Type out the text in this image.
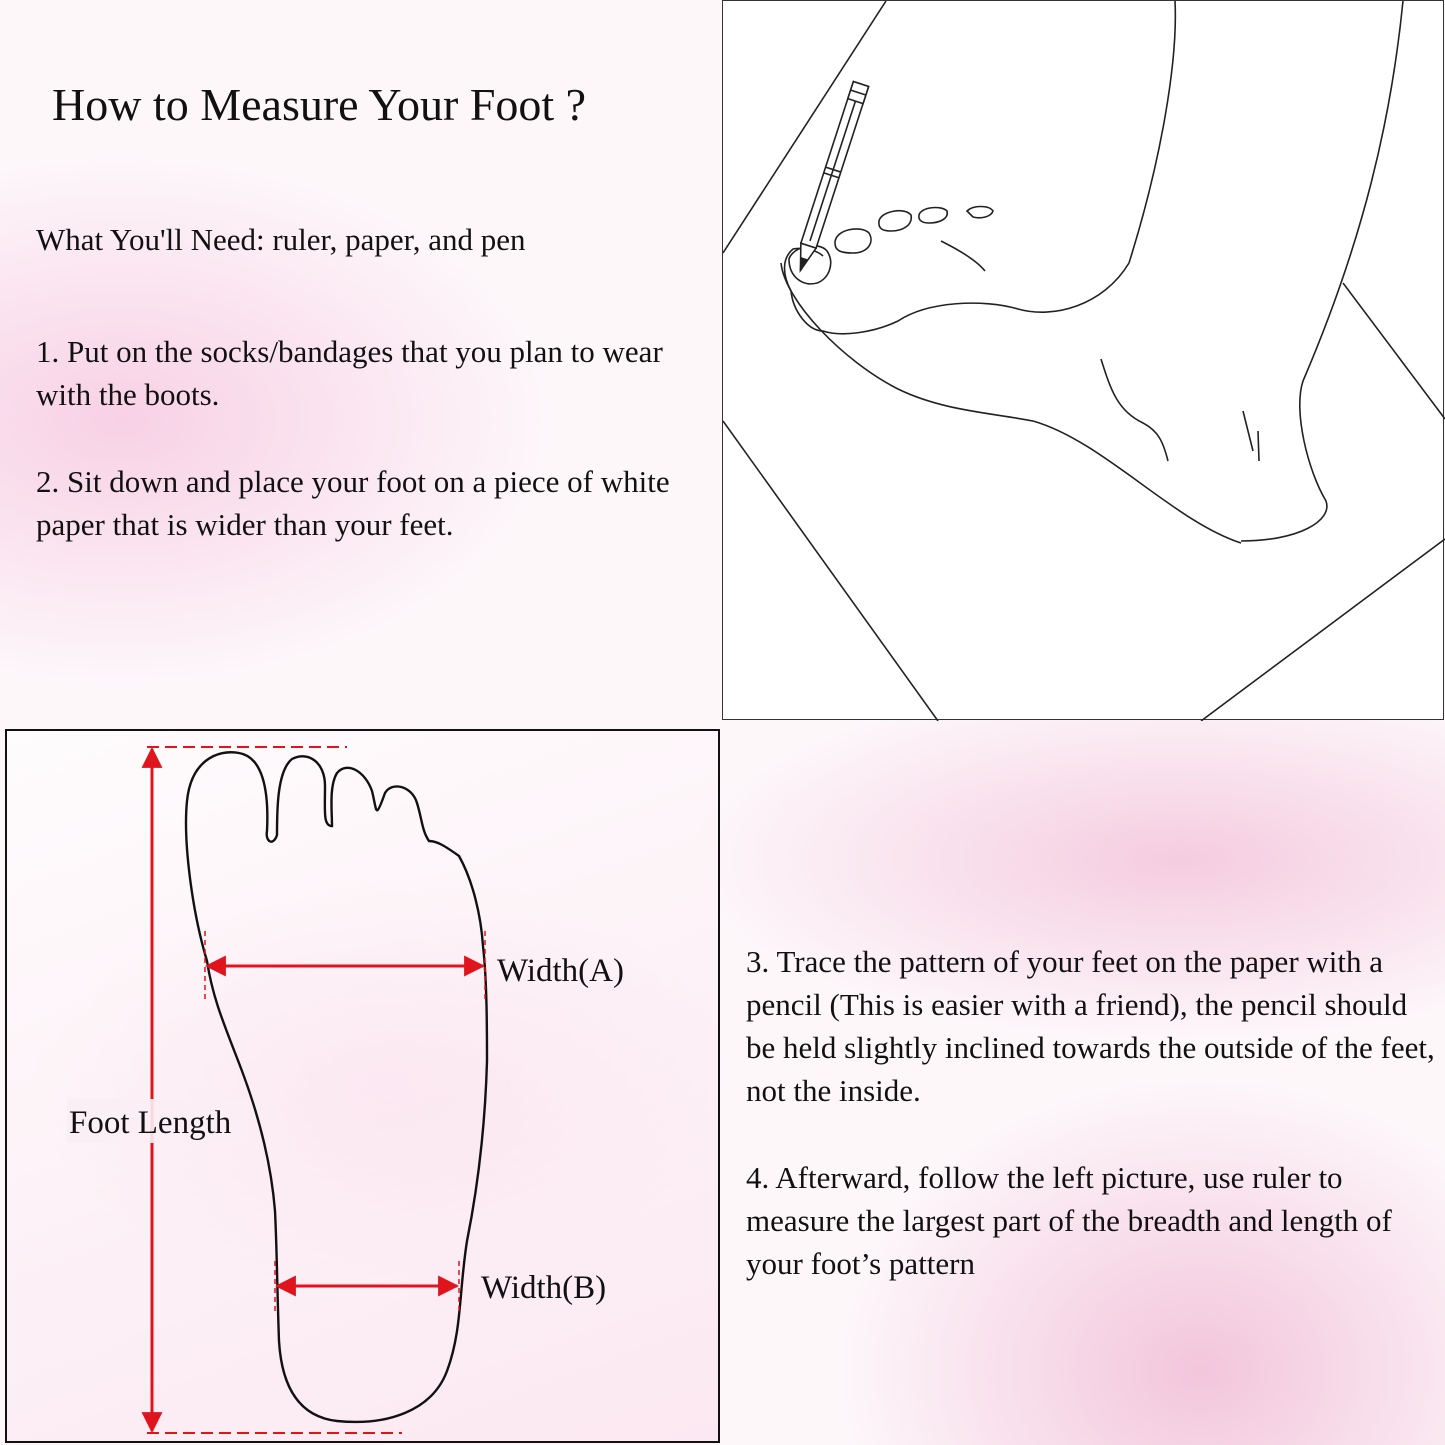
How to Measure Your Foot ?
What You'll Need: ruler, paper, and pen
1. Put on the socks/bandages that you plan to wear with the boots.
2. Sit down and place your foot on a piece of white paper that is wider than your feet.
3. Trace the pattern of your feet on the paper with a pencil (This is easier with a friend), the pencil should be held slightly inclined towards the outside of the feet, not the inside.
4. Afterward, follow the left picture, use ruler to measure the largest part of the breadth and length of your foot’s pattern
Foot Length
Width(A)
Width(B)
